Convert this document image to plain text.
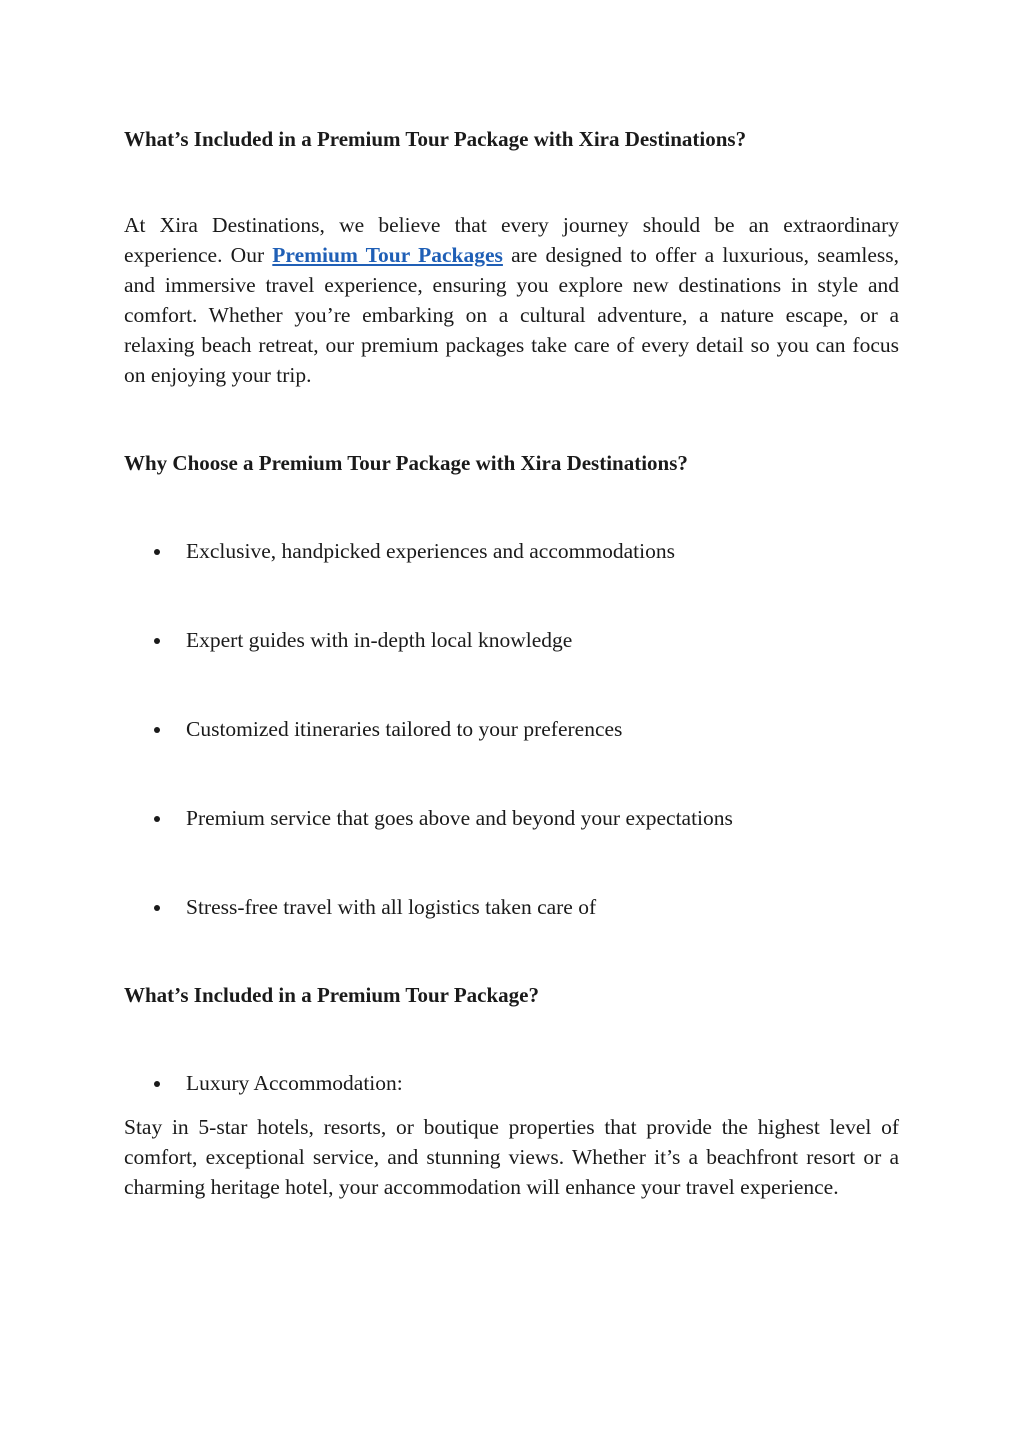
What’s Included in a Premium Tour Package with Xira Destinations?

At Xira Destinations, we believe that every journey should be an extraordinary experience. Our Premium Tour Packages are designed to offer a luxurious, seamless, and immersive travel experience, ensuring you explore new destinations in style and comfort. Whether you’re embarking on a cultural adventure, a nature escape, or a relaxing beach retreat, our premium packages take care of every detail so you can focus on enjoying your trip.

Why Choose a Premium Tour Package with Xira Destinations?
Exclusive, handpicked experiences and accommodations
Expert guides with in-depth local knowledge
Customized itineraries tailored to your preferences
Premium service that goes above and beyond your expectations
Stress-free travel with all logistics taken care of
What’s Included in a Premium Tour Package?
Luxury Accommodation:

Stay in 5-star hotels, resorts, or boutique properties that provide the highest level of comfort, exceptional service, and stunning views. Whether it’s a beachfront resort or a charming heritage hotel, your accommodation will enhance your travel experience.
